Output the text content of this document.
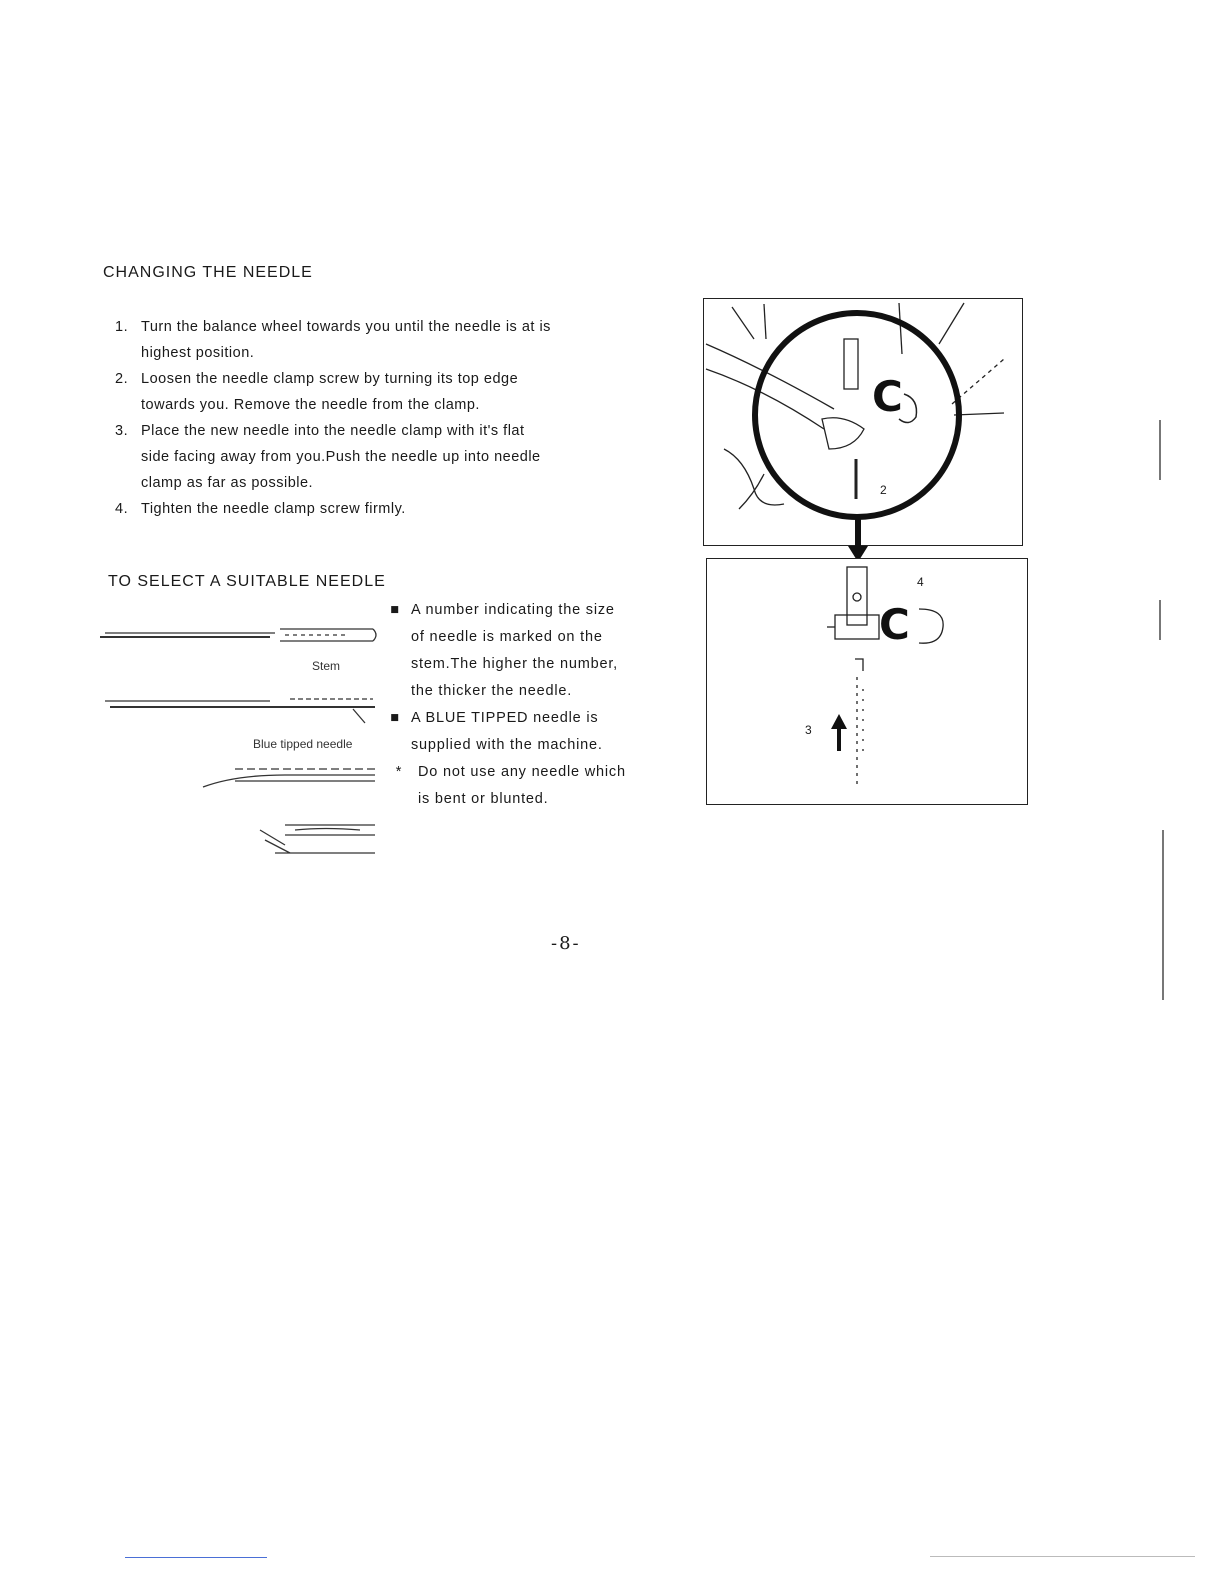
CHANGING THE NEEDLE
1. Turn the balance wheel towards you until the needle is at is
highest position.
2. Loosen the needle clamp screw by turning its top edge
towards you. Remove the needle from the clamp.
3. Place the new needle into the needle clamp with it's flat
side facing away from you.Push the needle up into needle
clamp as far as possible.
4. Tighten the needle clamp screw firmly.
TO SELECT A SUITABLE NEEDLE
Stem
Blue tipped needle
■ A number indicating the size
of needle is marked on the
stem.The higher the number,
the thicker the needle.
■ A BLUE TIPPED needle is
supplied with the machine.
* Do not use any needle which
is bent or blunted.
C
2
C
4
3
-8-
